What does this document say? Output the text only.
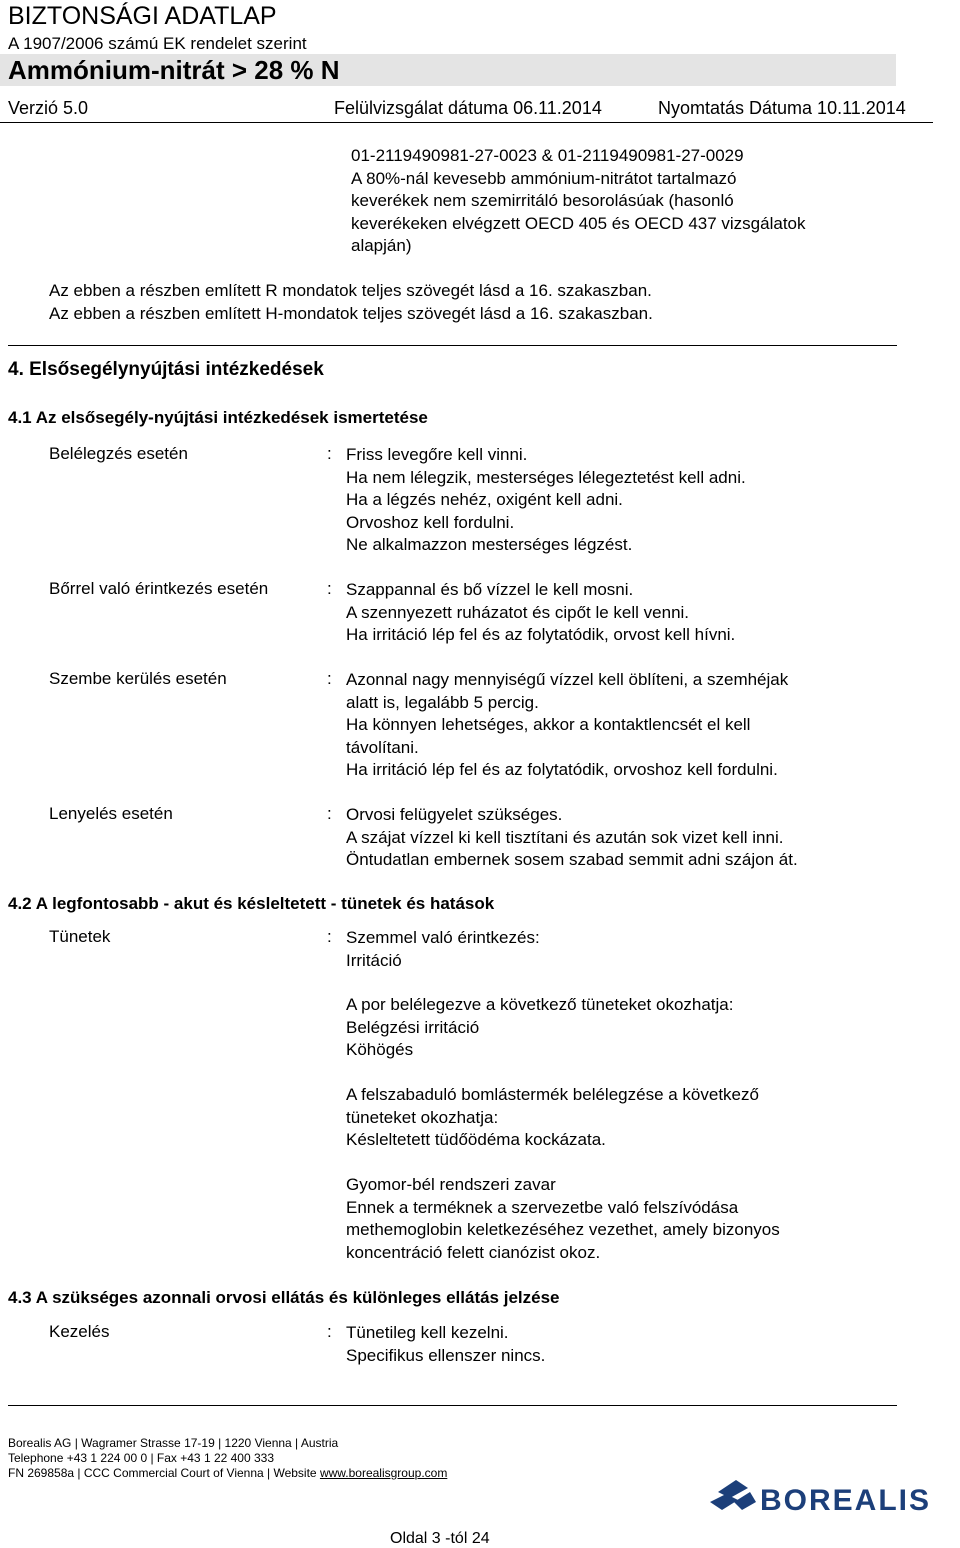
BIZTONSÁGI ADATLAP
A 1907/2006 számú EK rendelet szerint
Ammónium-nitrát > 28 % N
Verzió 5.0	Felülvizsgálat dátuma 06.11.2014	Nyomtatás Dátuma 10.11.2014
01-2119490981-27-0023 & 01-2119490981-27-0029
A 80%-nál kevesebb ammónium-nitrátot tartalmazó
keverékek nem szemirritáló besorolásúak (hasonló
keverékeken elvégzett OECD 405 és OECD 437 vizsgálatok
alapján)
Az ebben a részben említett R mondatok teljes szövegét lásd a 16. szakaszban.
Az ebben a részben említett H-mondatok teljes szövegét lásd a 16. szakaszban.
4. Elsősegélynyújtási intézkedések
4.1 Az elsősegély-nyújtási intézkedések ismertetése
Belélegzés esetén	: Friss levegőre kell vinni.
Ha nem lélegzik, mesterséges lélegeztetést kell adni.
Ha a légzés nehéz, oxigént kell adni.
Orvoshoz kell fordulni.
Ne alkalmazzon mesterséges légzést.
Bőrrel való érintkezés esetén	: Szappannal és bő vízzel le kell mosni.
A szennyezett ruházatot és cipőt le kell venni.
Ha irritáció lép fel és az folytatódik, orvost kell hívni.
Szembe kerülés esetén	: Azonnal nagy mennyiségű vízzel kell öblíteni, a szemhéjak
alatt is, legalább 5 percig.
Ha könnyen lehetséges, akkor a kontaktlencsét el kell
távolítani.
Ha irritáció lép fel és az folytatódik, orvoshoz kell fordulni.
Lenyelés esetén	: Orvosi felügyelet szükséges.
A szájat vízzel ki kell tisztítani és azután sok vizet kell inni.
Öntudatlan embernek sosem szabad semmit adni szájon át.
4.2 A legfontosabb - akut és késleltetett - tünetek és hatások
Tünetek	: Szemmel való érintkezés:
Irritáció
A por belélegezve a következő tüneteket okozhatja:
Belégzési irritáció
Köhögés
A felszabaduló bomlástermék belélegzése a következő
tüneteket okozhatja:
Késleltetett tüdőödéma kockázata.
Gyomor-bél rendszeri zavar
Ennek a terméknek a szervezetbe való felszívódása
methemoglobin keletkezéséhez vezethet, amely bizonyos
koncentráció felett cianózist okoz.
4.3 A szükséges azonnali orvosi ellátás és különleges ellátás jelzése
Kezelés	: Tünetileg kell kezelni.
Specifikus ellenszer nincs.
Borealis AG | Wagramer Strasse 17-19 | 1220 Vienna | Austria
Telephone +43 1 224 00 0 | Fax +43 1 22 400 333
FN 269858a | CCC Commercial Court of Vienna | Website www.borealisgroup.com
BOREALIS
Oldal 3 -tól 24
